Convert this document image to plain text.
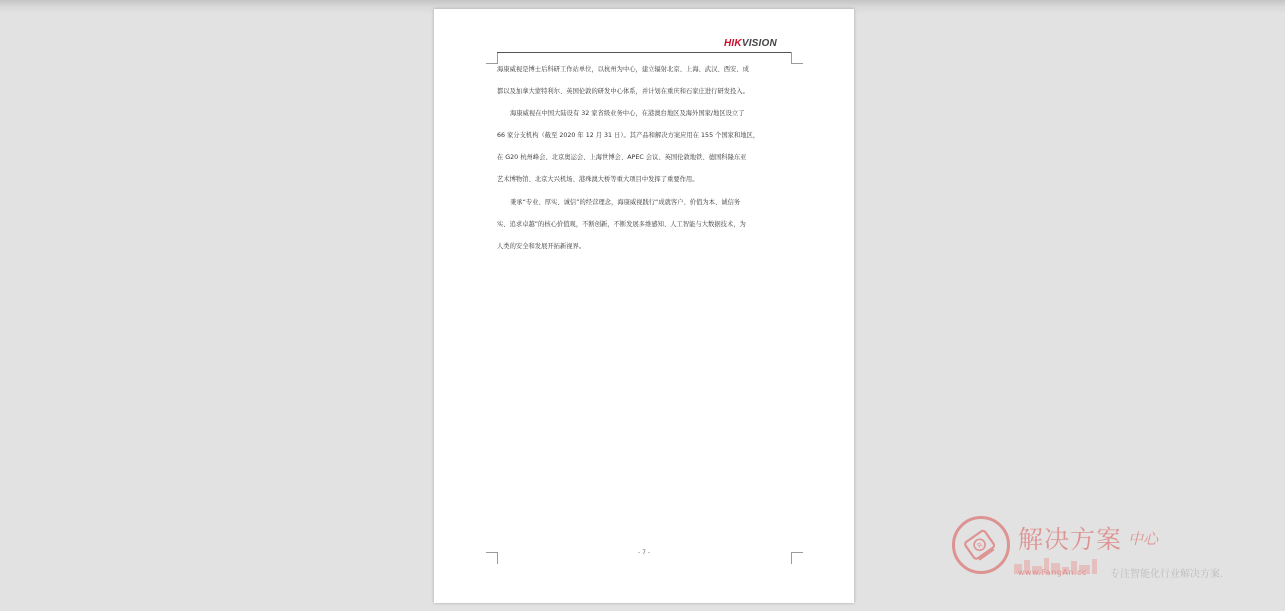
HIKVISION
海康威视是博士后科研工作站单位，以杭州为中心，建立辐射北京、上海、武汉、西安、成
都以及加拿大蒙特利尔、英国伦敦的研发中心体系，并计划在重庆和石家庄进行研发投入。
海康威视在中国大陆设有 32 家省级业务中心，在港澳台地区及海外国家/地区设立了
66 家分支机构（截至 2020 年 12 月 31 日）。其产品和解决方案应用在 155 个国家和地区，
在 G20 杭州峰会、北京奥运会、上海世博会、APEC 会议、英国伦敦地铁、德国科隆东亚
艺术博物馆、北京大兴机场、港珠澳大桥等重大项目中发挥了重要作用。
秉承“专业、厚实、诚信”的经营理念，海康威视践行“成就客户、价值为本、诚信务
实、追求卓越”的核心价值观，不断创新，不断发展多维感知、人工智能与大数据技术，为
人类的安全和发展开拓新视界。
- 7 -
R 解决方案 中心
www.FangAn.cc 专注智能化行业解决方案.
